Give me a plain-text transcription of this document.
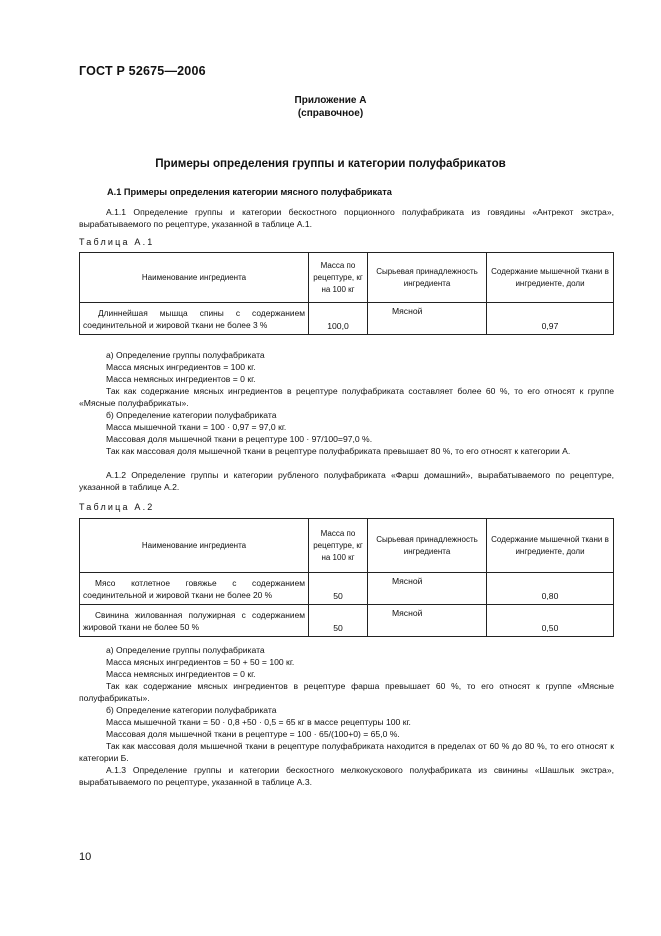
ГОСТ Р 52675—2006
Приложение А
(справочное)
Примеры определения группы и категории полуфабрикатов
А.1 Примеры определения категории мясного полуфабриката
А.1.1 Определение группы и категории бескостного порционного полуфабриката из говядины «Антрекот экстра», вырабатываемого по рецептуре, указанной в таблице А.1.
Таблица А.1
Наименование ингредиента	Масса по рецептуре, кг на 100 кг	Сырьевая принадлежность ингредиента	Содержание мышечной ткани в ингредиенте, доли
Длиннейшая мышца спины с содержанием соединительной и жировой ткани не более 3 %	100,0	Мясной	0,97
а) Определение группы полуфабриката
Масса мясных ингредиентов = 100 кг.
Масса немясных ингредиентов = 0 кг.
Так как содержание мясных ингредиентов в рецептуре полуфабриката составляет более 60 %, то его относят к группе «Мясные полуфабрикаты».
б) Определение категории полуфабриката
Масса мышечной ткани = 100 · 0,97 = 97,0 кг.
Массовая доля мышечной ткани в рецептуре 100 · 97/100=97,0 %.
Так как массовая доля мышечной ткани в рецептуре полуфабриката превышает 80 %, то его относят к категории А.
А.1.2 Определение группы и категории рубленого полуфабриката «Фарш домашний», вырабатываемого по рецептуре, указанной в таблице А.2.
Таблица А.2
Наименование ингредиента	Масса по рецептуре, кг на 100 кг	Сырьевая принадлежность ингредиента	Содержание мышечной ткани в ингредиенте, доли
Мясо котлетное говяжье с содержанием соединительной и жировой ткани не более 20 %	50	Мясной	0,80
Свинина жилованная полужирная с содержанием жировой ткани не более 50 %	50	Мясной	0,50
а) Определение группы полуфабриката
Масса мясных ингредиентов = 50 + 50 = 100 кг.
Масса немясных ингредиентов = 0 кг.
Так как содержание мясных ингредиентов в рецептуре фарша превышает 60 %, то его относят к группе «Мясные полуфабрикаты».
б) Определение категории полуфабриката
Масса мышечной ткани = 50 · 0,8 +50 · 0,5 = 65 кг в массе рецептуры 100 кг.
Массовая доля мышечной ткани в рецептуре = 100 · 65/(100+0) = 65,0 %.
Так как массовая доля мышечной ткани в рецептуре полуфабриката находится в пределах от 60 % до 80 %, то его относят к категории Б.
А.1.3 Определение группы и категории бескостного мелкокускового полуфабриката из свинины «Шашлык экстра», вырабатываемого по рецептуре, указанной в таблице А.3.
10
